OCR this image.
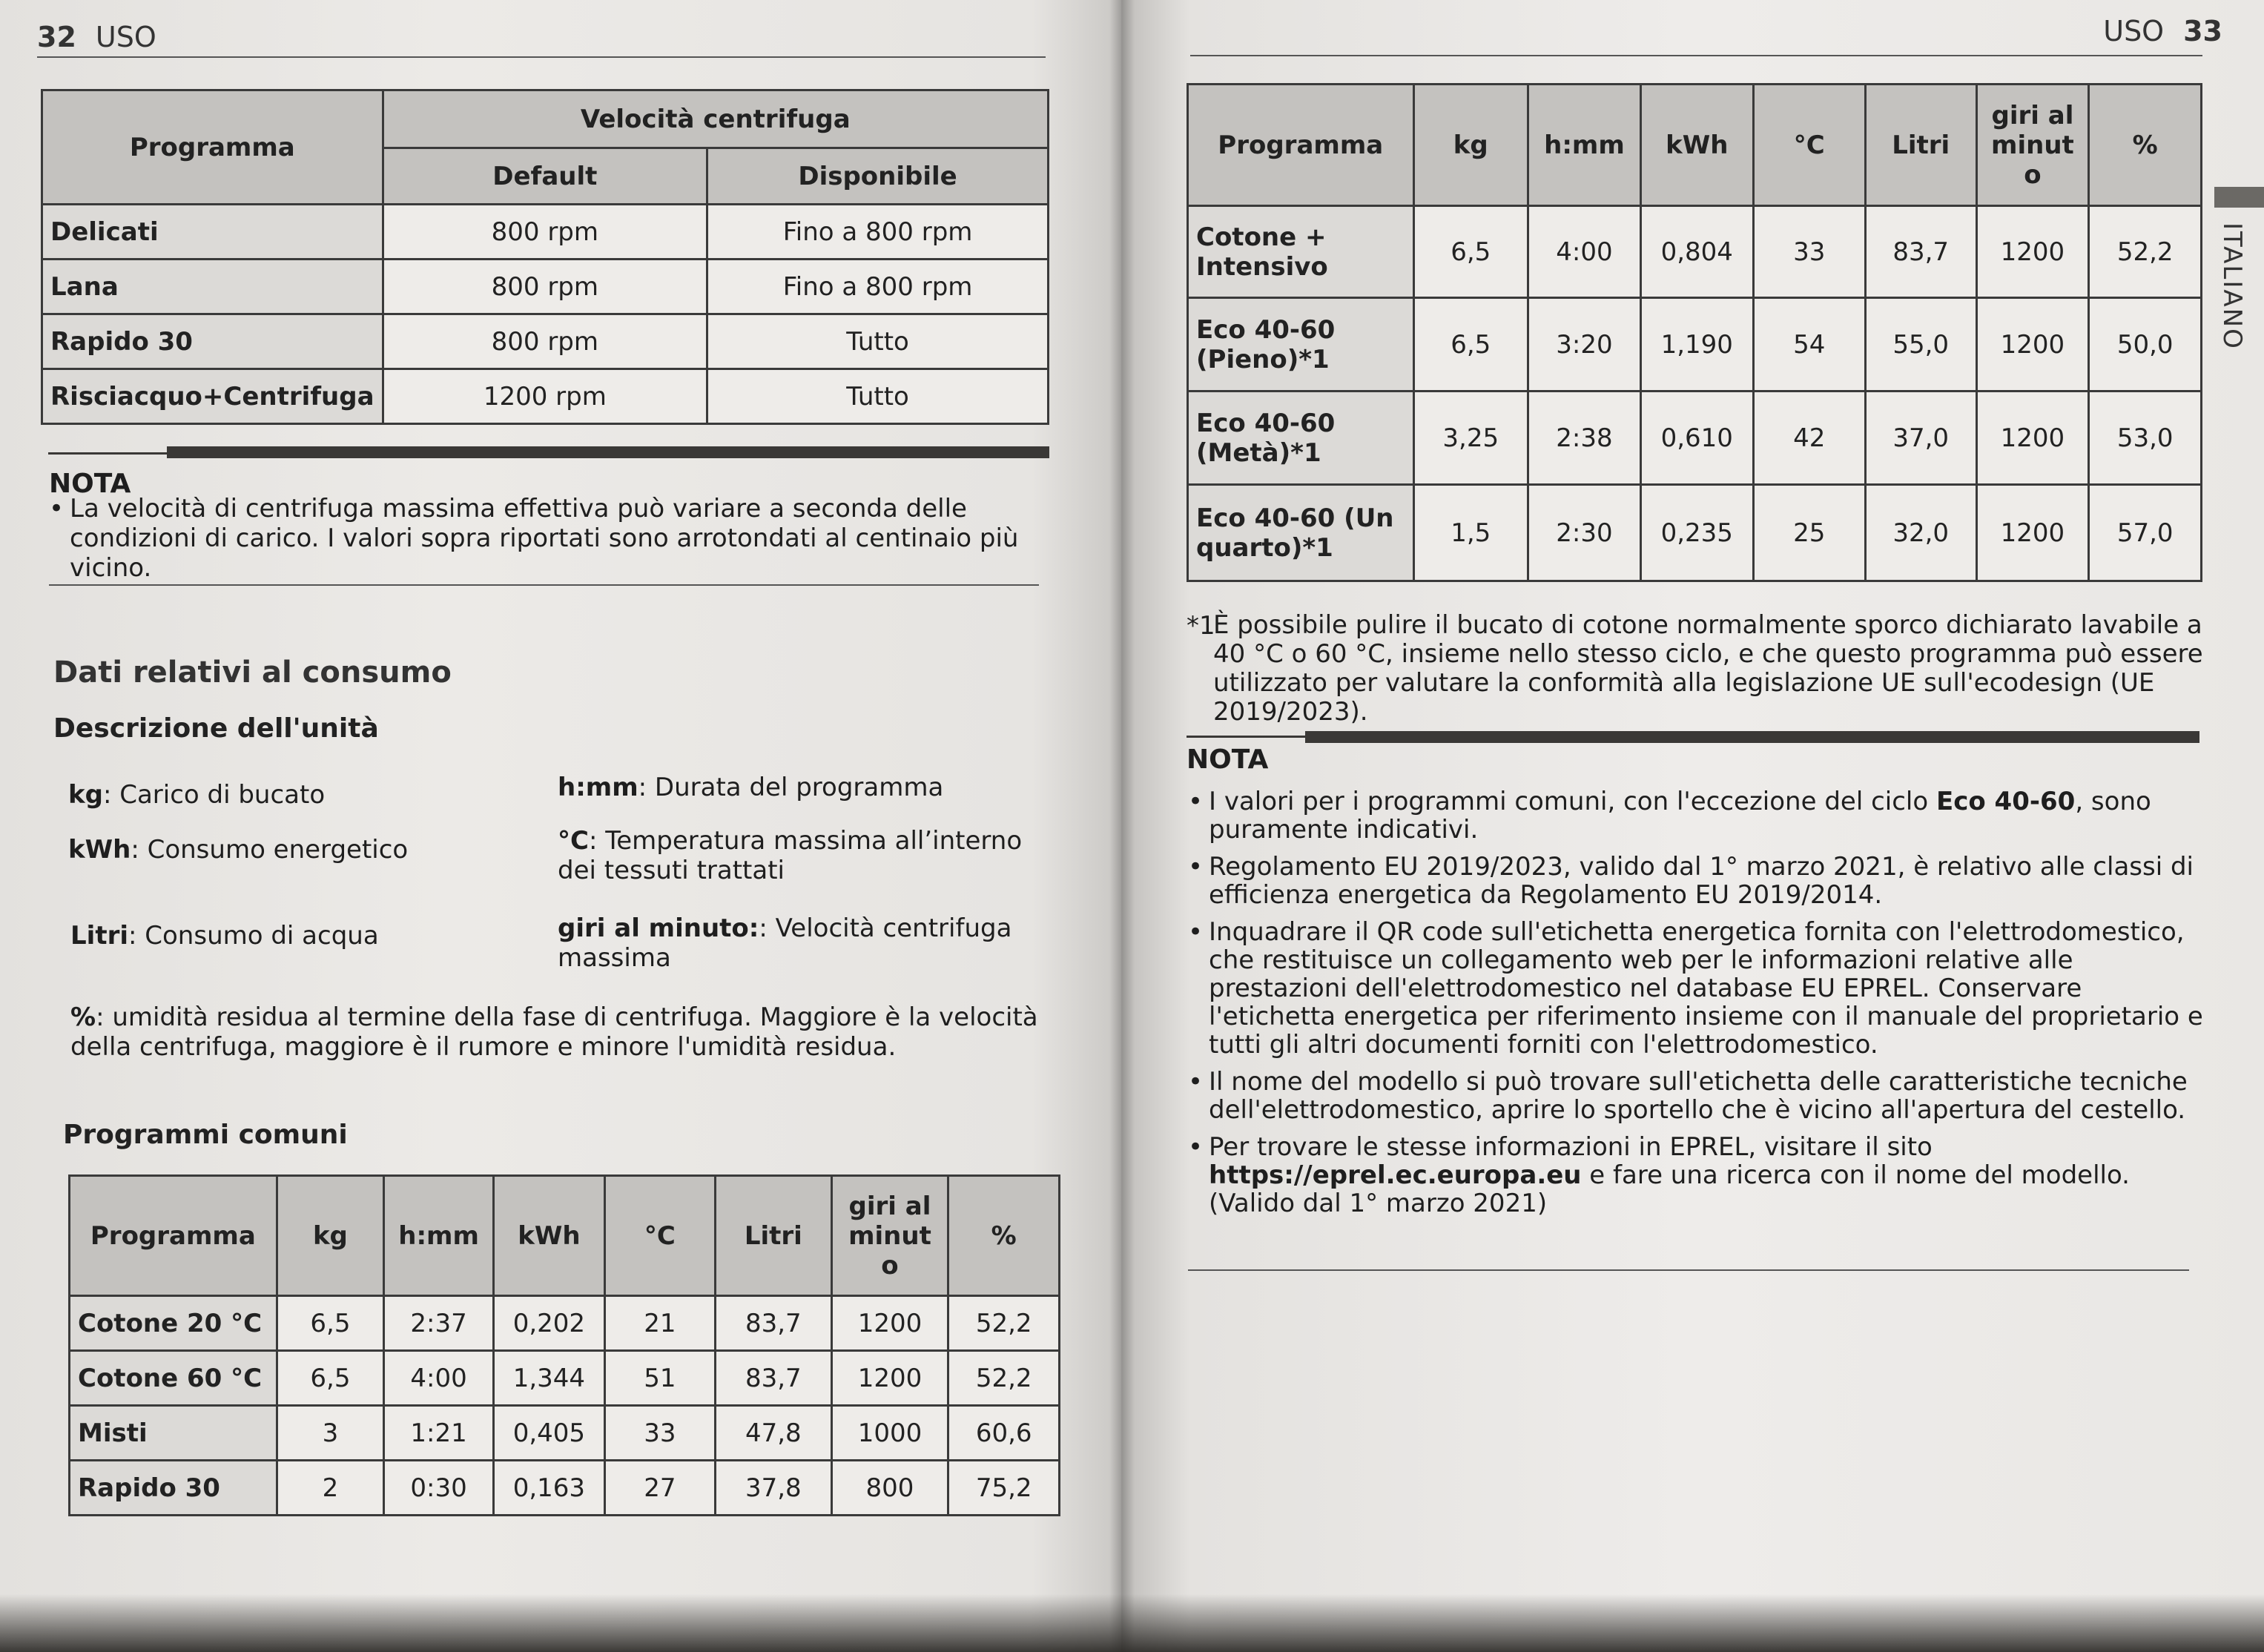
32 USO
Programma	Velocità centrifuga	
	Default	Disponibile
Delicati	800 rpm	Fino a 800 rpm
Lana	800 rpm	Fino a 800 rpm
Rapido 30	800 rpm	Tutto
Risciacquo+Centrifuga	1200 rpm	Tutto
NOTA
• La velocità di centrifuga massima effettiva può variare a seconda delle condizioni di carico. I valori sopra riportati sono arrotondati al centinaio più vicino.
Dati relativi al consumo
Descrizione dell'unità
kg: Carico di bucato	h:mm: Durata del programma
kWh: Consumo energetico	°C: Temperatura massima all’interno dei tessuti trattati
Litri: Consumo di acqua	giri al minuto:: Velocità centrifuga massima
%: umidità residua al termine della fase di centrifuga. Maggiore è la velocità della centrifuga, maggiore è il rumore e minore l'umidità residua.
Programmi comuni
Programma	kg	h:mm	kWh	°C	Litri	giri al minut o	%
Cotone 20 °C	6,5	2:37	0,202	21	83,7	1200	52,2
Cotone 60 °C	6,5	4:00	1,344	51	83,7	1200	52,2
Misti	3	1:21	0,405	33	47,8	1000	60,6
Rapido 30	2	0:30	0,163	27	37,8	800	75,2
USO 33
Programma	kg	h:mm	kWh	°C	Litri	giri al minut o	%
Cotone + Intensivo	6,5	4:00	0,804	33	83,7	1200	52,2
Eco 40-60 (Pieno)*1	6,5	3:20	1,190	54	55,0	1200	50,0
Eco 40-60 (Metà)*1	3,25	2:38	0,610	42	37,0	1200	53,0
Eco 40-60 (Un quarto)*1	1,5	2:30	0,235	25	32,0	1200	57,0
*1
È possibile pulire il bucato di cotone normalmente sporco dichiarato lavabile a 40 °C o 60 °C, insieme nello stesso ciclo, e che questo programma può essere utilizzato per valutare la conformità alla legislazione UE sull'ecodesign (UE 2019/2023).
NOTA
• I valori per i programmi comuni, con l'eccezione del ciclo Eco 40-60, sono puramente indicativi.
• Regolamento EU 2019/2023, valido dal 1° marzo 2021, è relativo alle classi di efficienza energetica da Regolamento EU 2019/2014.
• Inquadrare il QR code sull'etichetta energetica fornita con l'elettrodomestico, che restituisce un collegamento web per le informazioni relative alle prestazioni dell'elettrodomestico nel database EU EPREL. Conservare l'etichetta energetica per riferimento insieme con il manuale del proprietario e tutti gli altri documenti forniti con l'elettrodomestico.
• Il nome del modello si può trovare sull'etichetta delle caratteristiche tecniche dell'elettrodomestico, aprire lo sportello che è vicino all'apertura del cestello.
• Per trovare le stesse informazioni in EPREL, visitare il sito https://eprel.ec.europa.eu e fare una ricerca con il nome del modello. (Valido dal 1° marzo 2021)
ITALIANO
